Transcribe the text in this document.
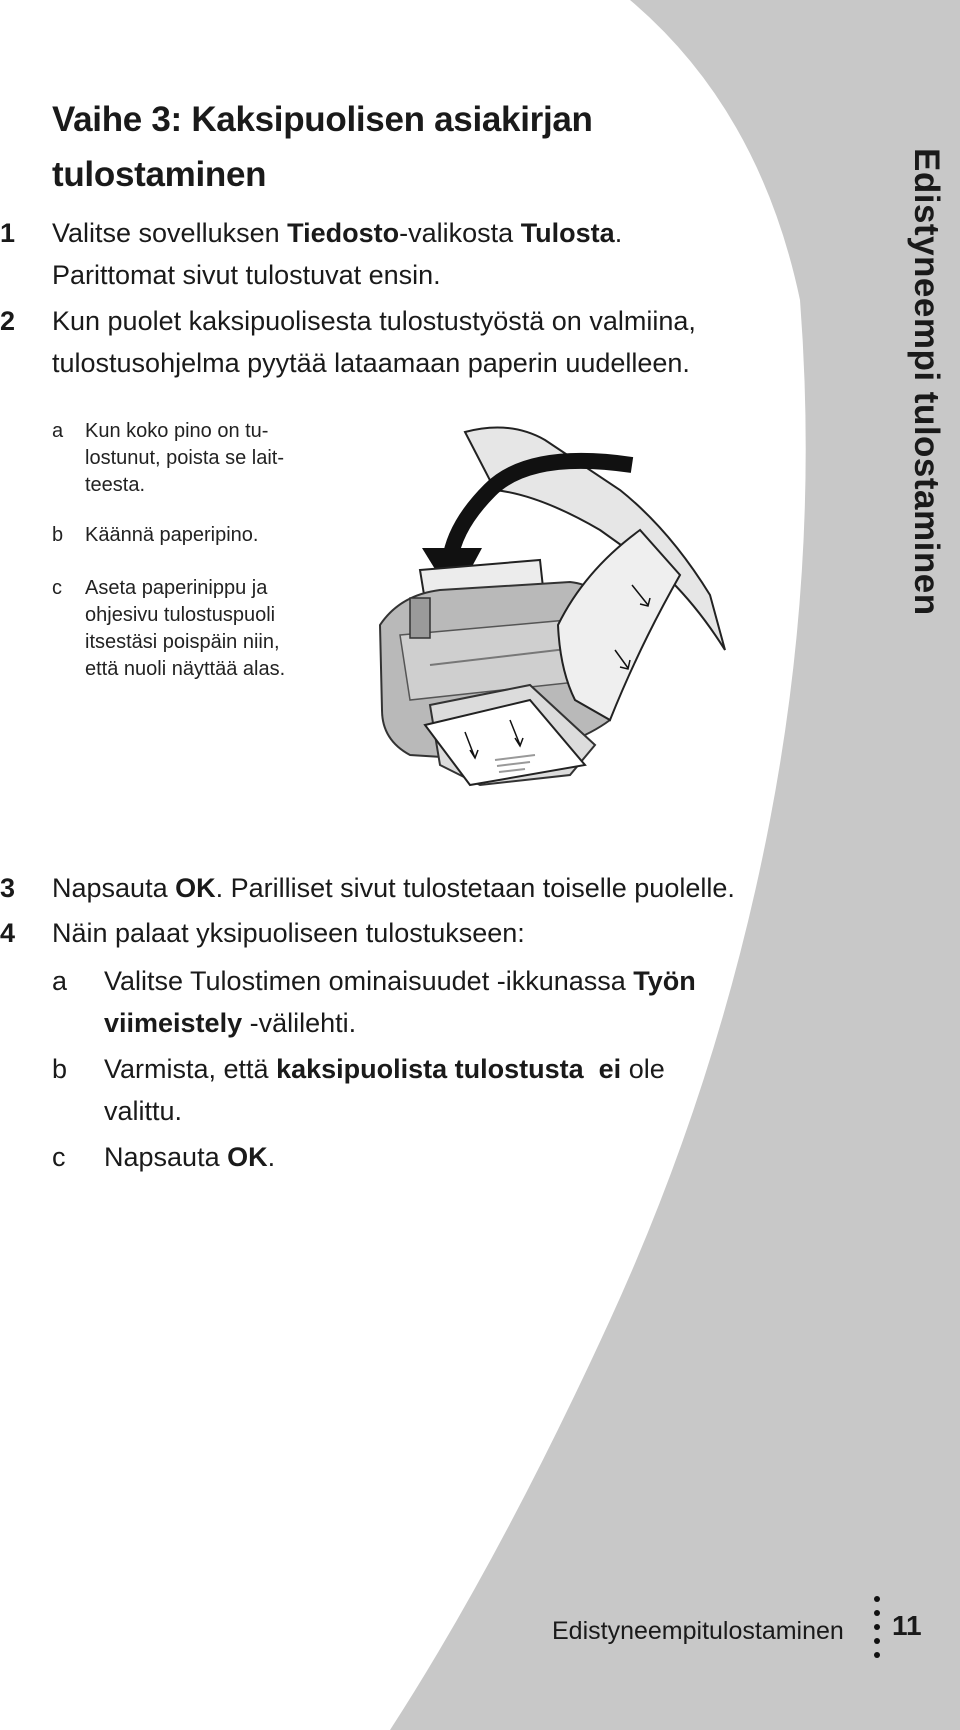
Vaihe 3: Kaksipuolisen asiakirjan
tulostaminen	Edistyneempi tulostaminen
1 Valitse sovelluksen Tiedosto-valikosta Tulosta.
Parittomat sivut tulostuvat ensin.
2 Kun puolet kaksipuolisesta tulostustyöstä on valmiina,
tulostusohjelma pyytää lataamaan paperin uudelleen.
a Kun koko pino on tu-
lostunut, poista se lait-
teesta.
b Käännä paperipino.
c Aseta paperinippu ja
ohjesivu tulostuspuoli
itsestäsi poispäin niin,
että nuoli näyttää alas.
3 Napsauta OK. Parilliset sivut tulostetaan toiselle puolelle.
4 Näin palaat yksipuoliseen tulostukseen:
a Valitse Tulostimen ominaisuudet -ikkunassa Työn
viimeistely -välilehti.
b Varmista, että kaksipuolista tulostusta ei ole
valittu.
c Napsauta OK.
Edistyneempitulostaminen 11
